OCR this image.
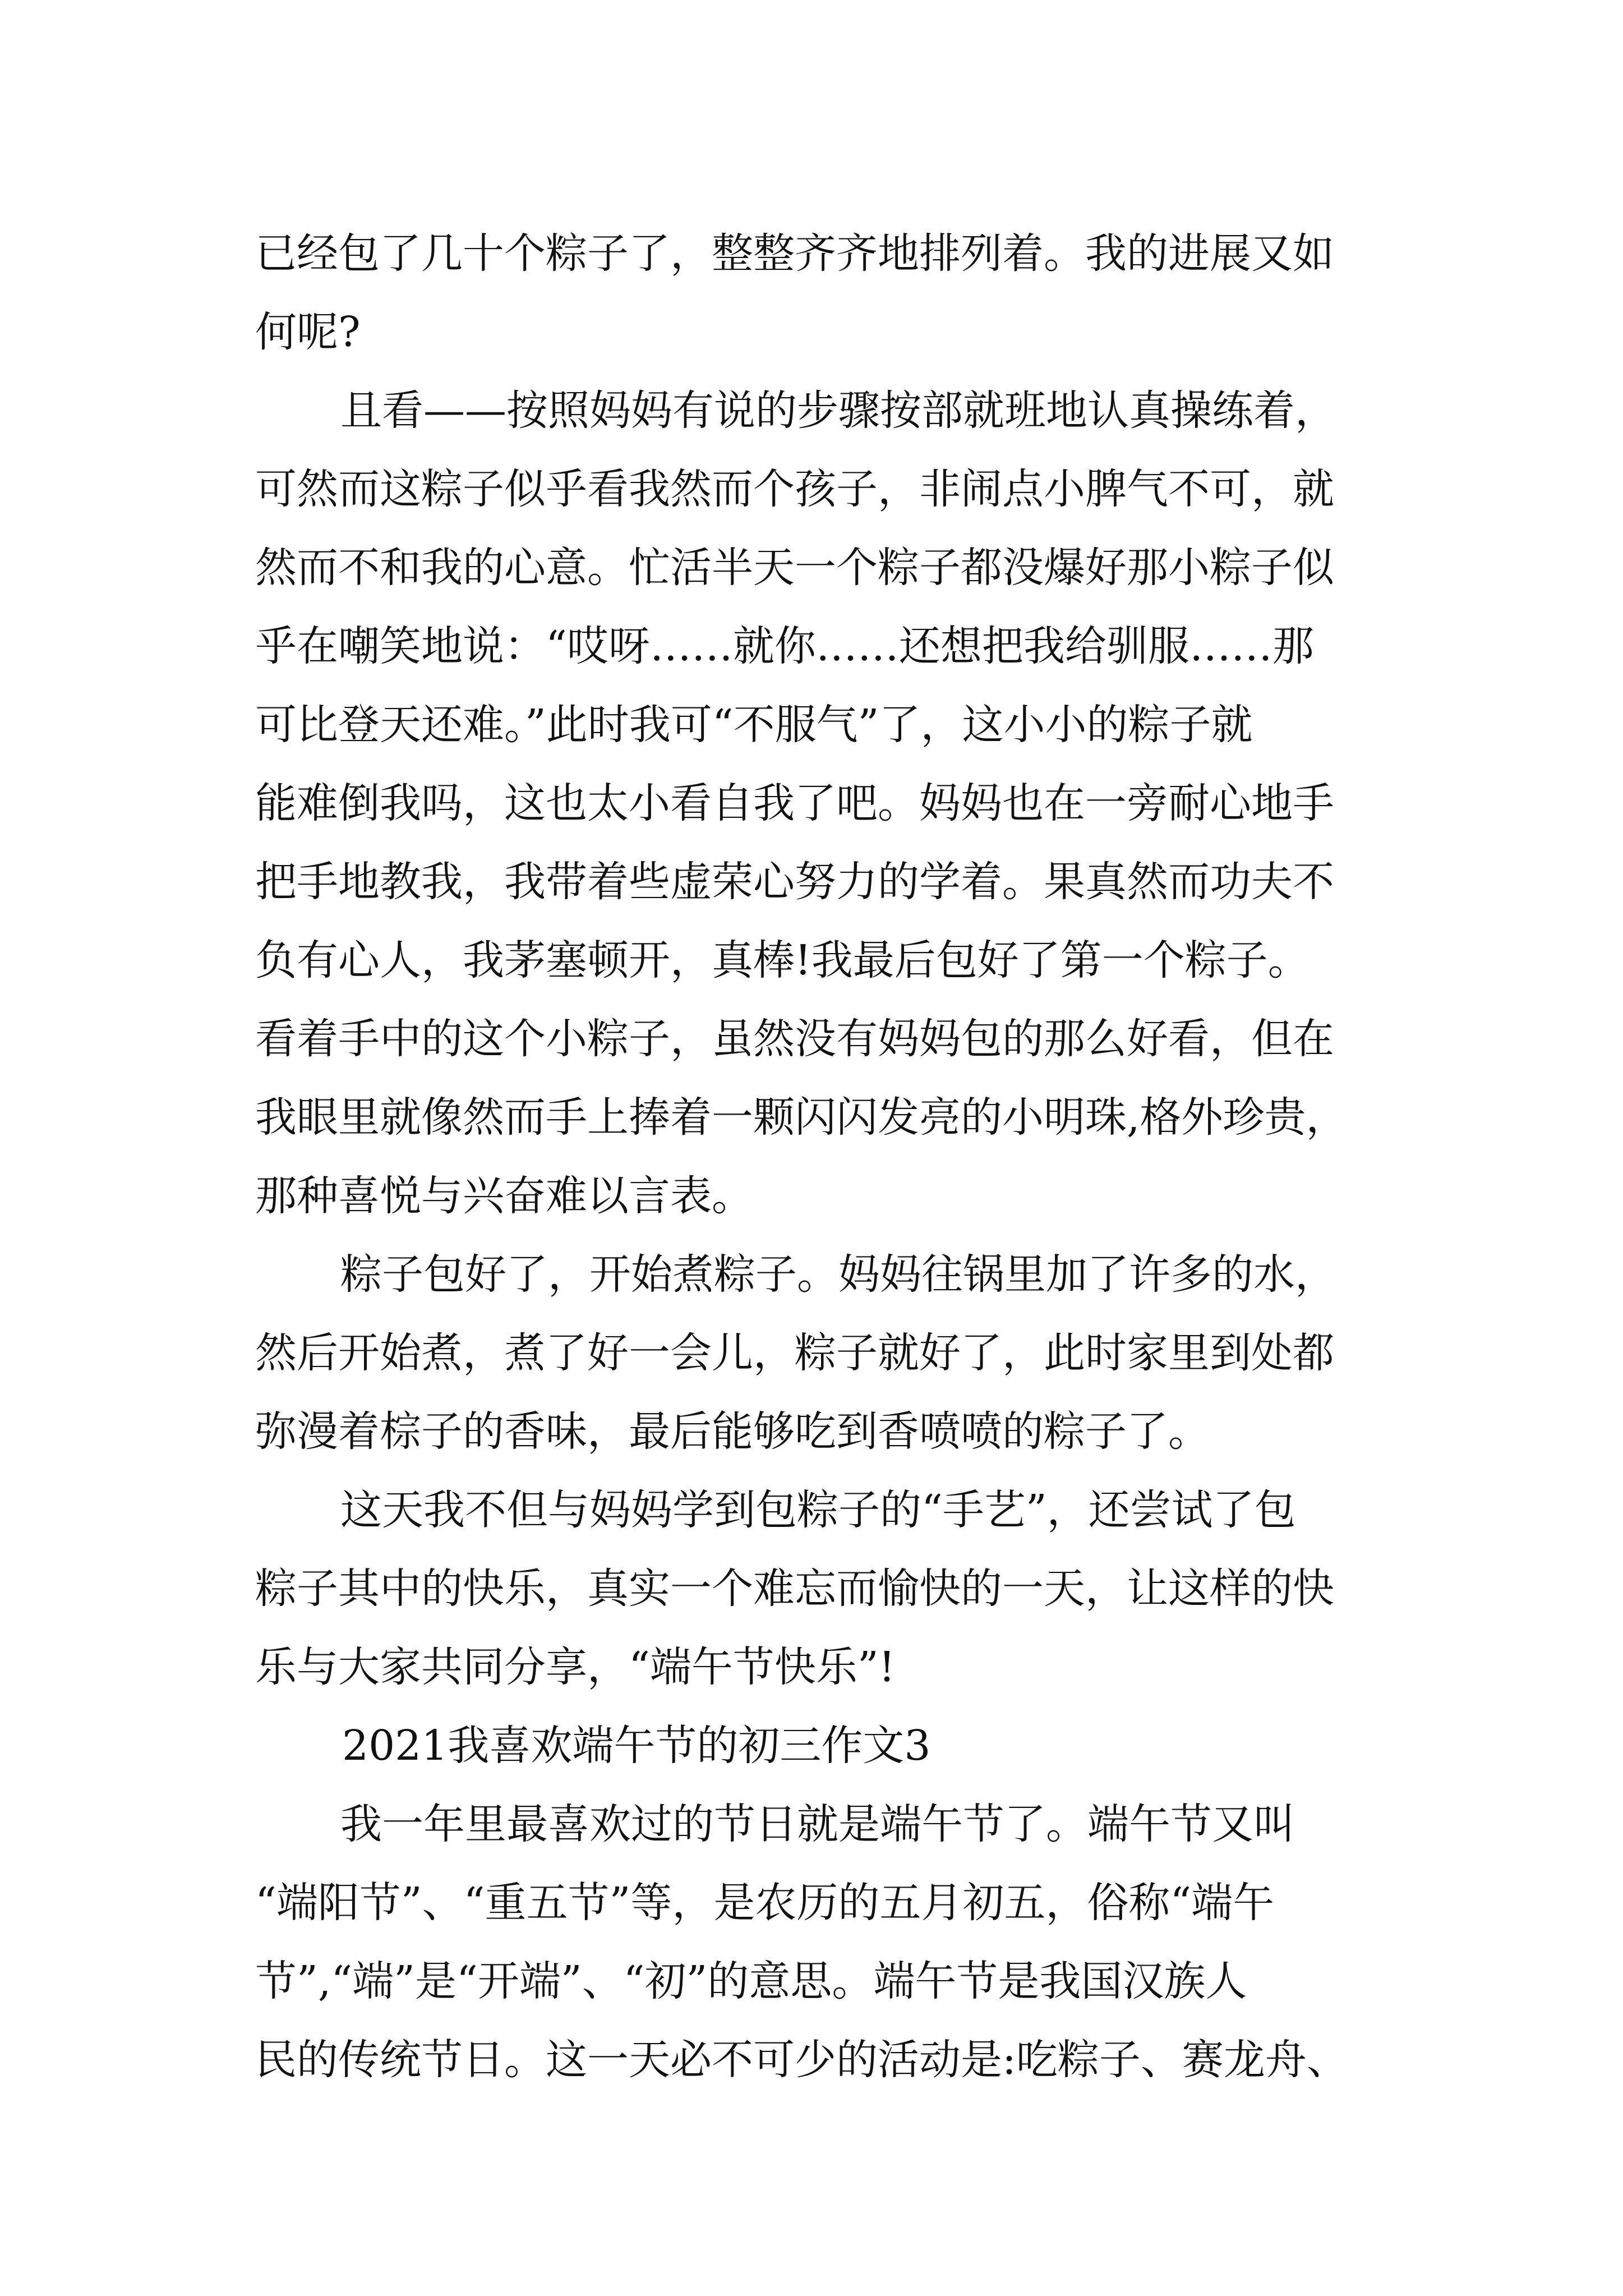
已经包了几十个粽子了，整整齐齐地排列着。我的进展又如

何呢?

且看——按照妈妈有说的步骤按部就班地认真操练着，

可然而这粽子似乎看我然而个孩子，非闹点小脾气不可，就

然而不和我的心意。忙活半天一个粽子都没爆好那小粽子似

乎在嘲笑地说：“哎呀……就你……还想把我给驯服……那

可比登天还难。”此时我可“不服气”了，这小小的粽子就

能难倒我吗，这也太小看自我了吧。妈妈也在一旁耐心地手

把手地教我，我带着些虚荣心努力的学着。果真然而功夫不

负有心人，我茅塞顿开，真棒!我最后包好了第一个粽子。

看着手中的这个小粽子，虽然没有妈妈包的那么好看，但在

我眼里就像然而手上捧着一颗闪闪发亮的小明珠,格外珍贵，

那种喜悦与兴奋难以言表。

粽子包好了，开始煮粽子。妈妈往锅里加了许多的水，

然后开始煮，煮了好一会儿，粽子就好了，此时家里到处都

弥漫着棕子的香味，最后能够吃到香喷喷的粽子了。

这天我不但与妈妈学到包粽子的“手艺”，还尝试了包

粽子其中的快乐，真实一个难忘而愉快的一天，让这样的快

乐与大家共同分享，“端午节快乐”!

2021我喜欢端午节的初三作文3

我一年里最喜欢过的节日就是端午节了。端午节又叫

“端阳节”、“重五节”等，是农历的五月初五，俗称“端午

节”,“端”是“开端”、“初”的意思。端午节是我国汉族人

民的传统节日。这一天必不可少的活动是:吃粽子、赛龙舟、
